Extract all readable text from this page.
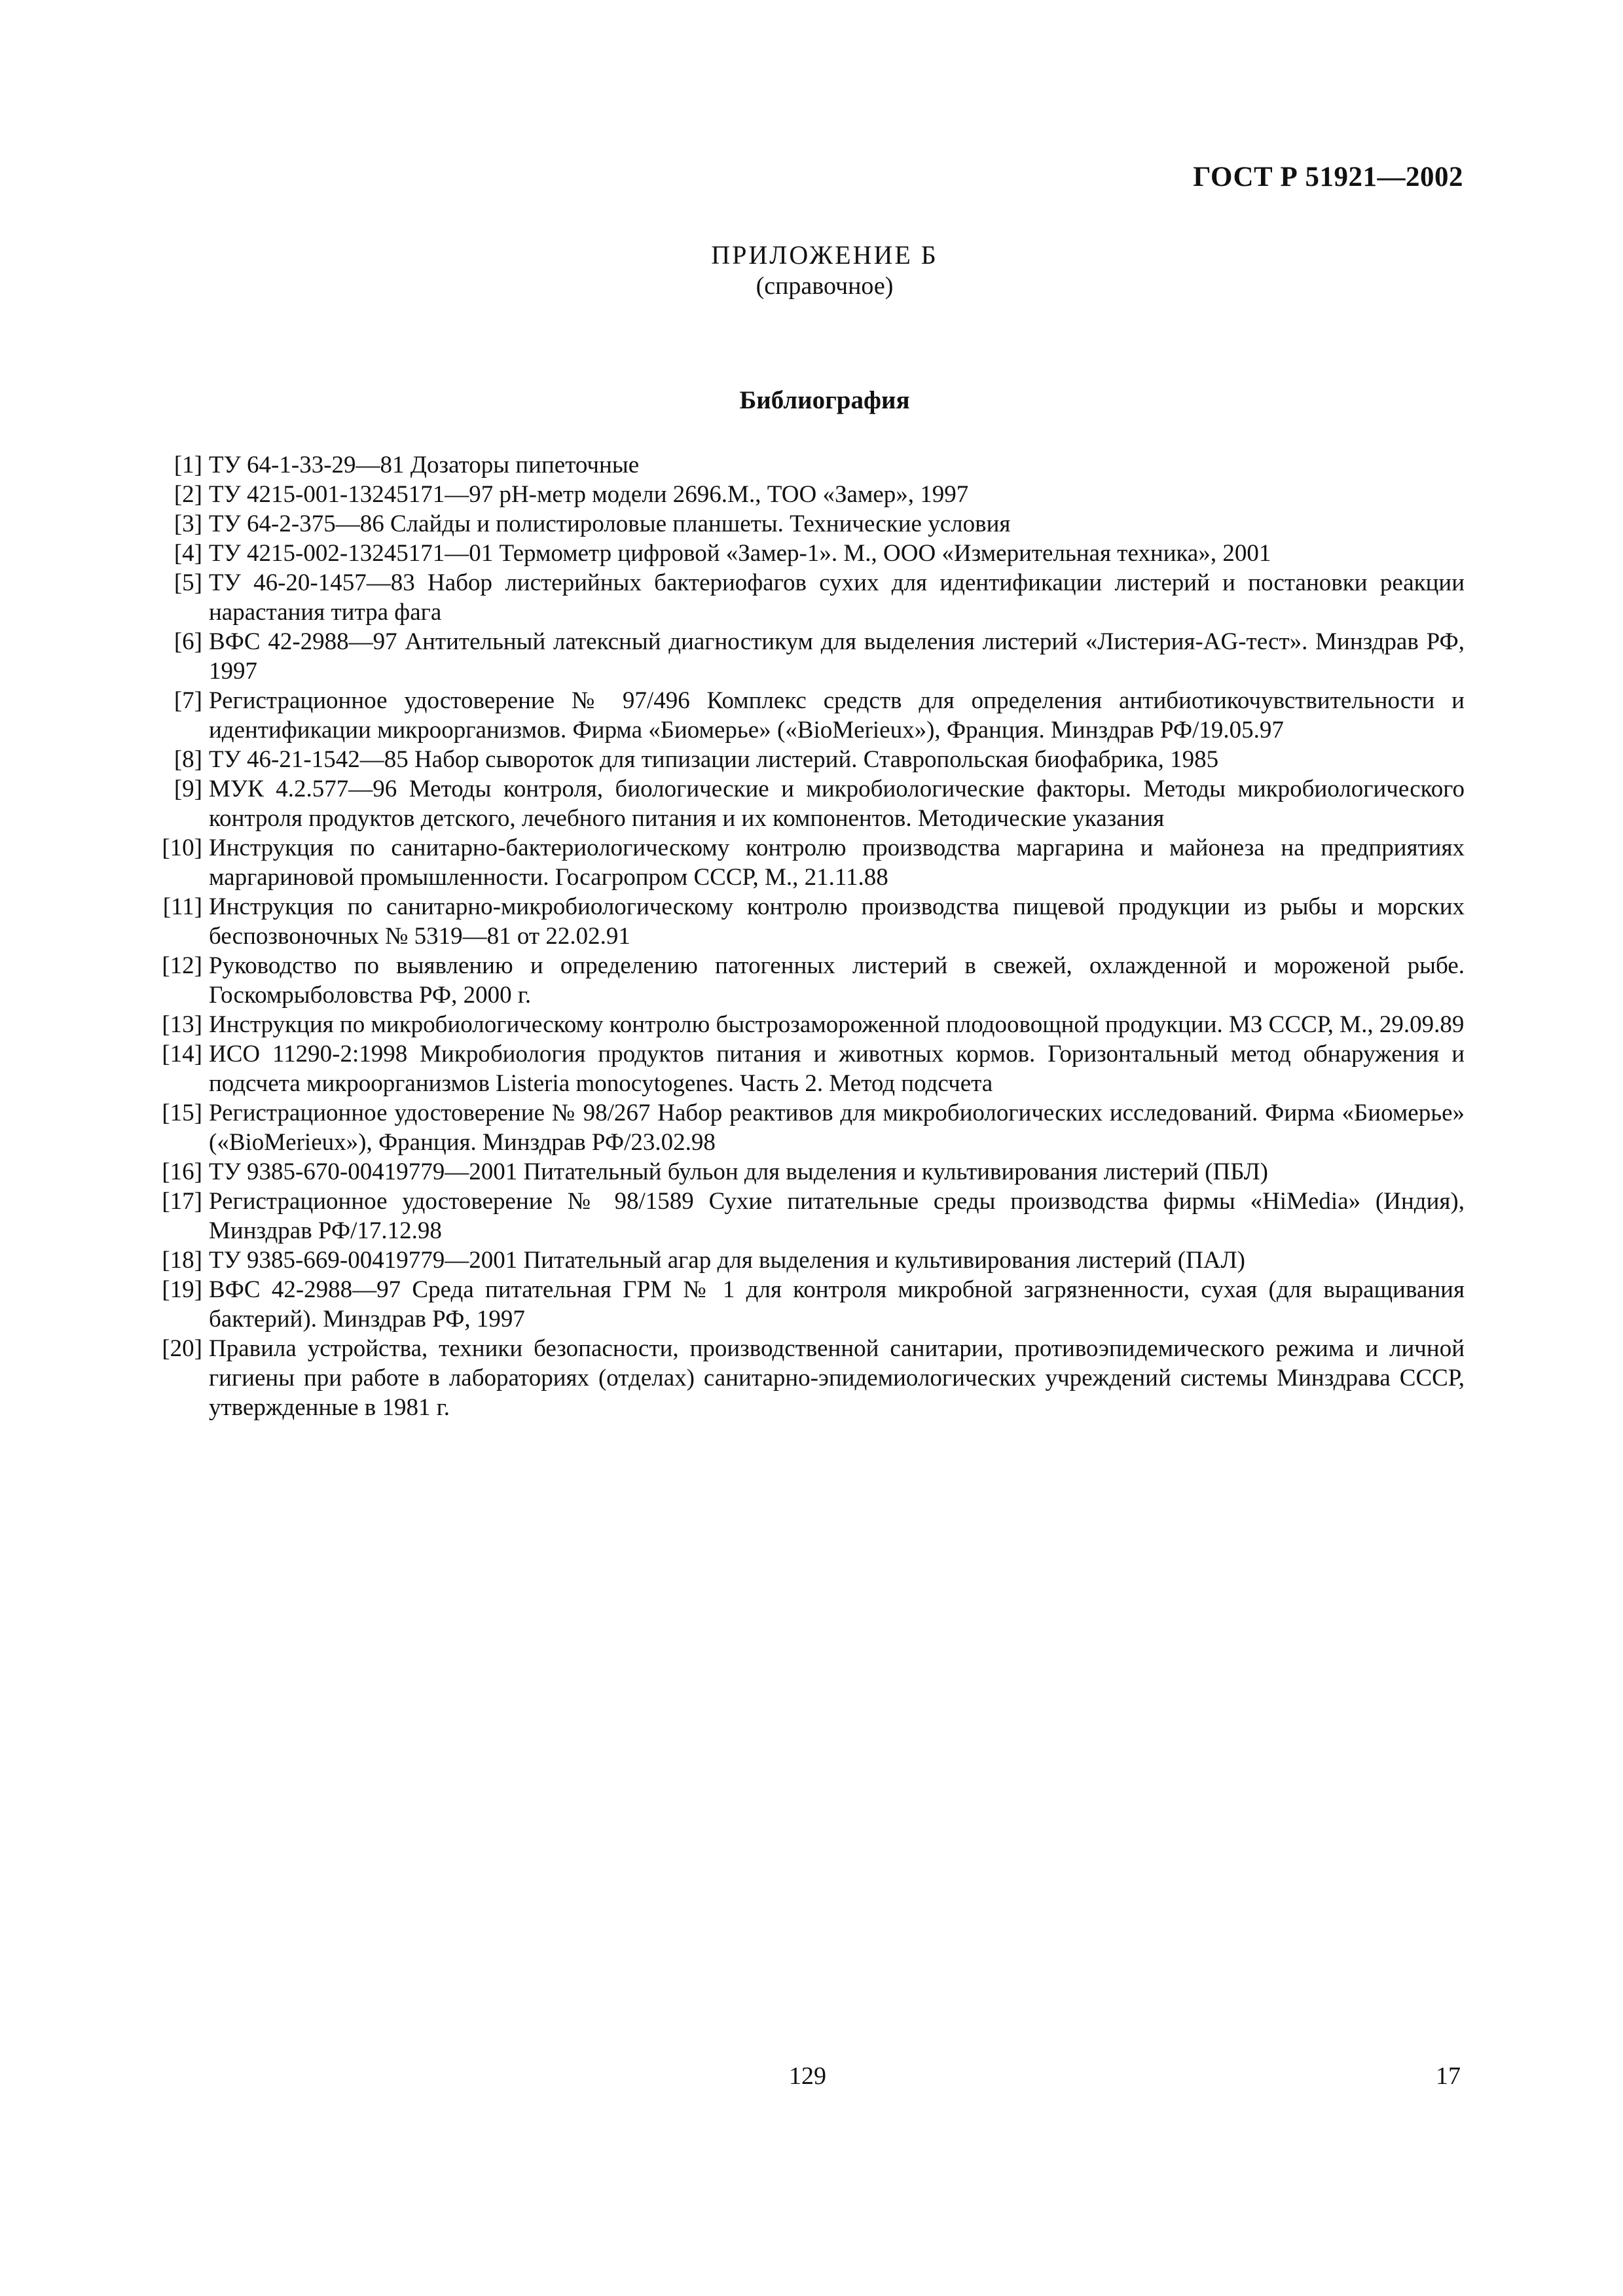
ГОСТ Р 51921—2002
ПРИЛОЖЕНИЕ Б
(справочное)
Библиография
[1] ТУ 64-1-33-29—81 Дозаторы пипеточные
[2] ТУ 4215-001-13245171—97 рН-метр модели 2696.М., ТОО «Замер», 1997
[3] ТУ 64-2-375—86 Слайды и полистироловые планшеты. Технические условия
[4] ТУ 4215-002-13245171—01 Термометр цифровой «Замер-1». М., ООО «Измерительная техника», 2001
[5] ТУ 46-20-1457—83 Набор листерийных бактериофагов сухих для идентификации листерий и постановки реакции нарастания титра фага
[6] ВФС 42-2988—97 Антительный латексный диагностикум для выделения листерий «Листерия-AG-тест». Минздрав РФ, 1997
[7] Регистрационное удостоверение № 97/496 Комплекс средств для определения антибиотикочувствительности и идентификации микроорганизмов. Фирма «Биомерье» («BioMerieux»), Франция. Минздрав РФ/19.05.97
[8] ТУ 46-21-1542—85 Набор сывороток для типизации листерий. Ставропольская биофабрика, 1985
[9] МУК 4.2.577—96 Методы контроля, биологические и микробиологические факторы. Методы микробиологического контроля продуктов детского, лечебного питания и их компонентов. Методические указания
[10] Инструкция по санитарно-бактериологическому контролю производства маргарина и майонеза на предприятиях маргариновой промышленности. Госагропром СССР, М., 21.11.88
[11] Инструкция по санитарно-микробиологическому контролю производства пищевой продукции из рыбы и морских беспозвоночных № 5319—81 от 22.02.91
[12] Руководство по выявлению и определению патогенных листерий в свежей, охлажденной и мороженой рыбе. Госкомрыболовства РФ, 2000 г.
[13] Инструкция по микробиологическому контролю быстрозамороженной плодоовощной продукции. МЗ СССР, М., 29.09.89
[14] ИСО 11290-2:1998 Микробиология продуктов питания и животных кормов. Горизонтальный метод обнаружения и подсчета микроорганизмов Listeria monocytogenes. Часть 2. Метод подсчета
[15] Регистрационное удостоверение № 98/267 Набор реактивов для микробиологических исследований. Фирма «Биомерье» («BioMerieux»), Франция. Минздрав РФ/23.02.98
[16] ТУ 9385-670-00419779—2001 Питательный бульон для выделения и культивирования листерий (ПБЛ)
[17] Регистрационное удостоверение № 98/1589 Сухие питательные среды производства фирмы «HiMedia» (Индия), Минздрав РФ/17.12.98
[18] ТУ 9385-669-00419779—2001 Питательный агар для выделения и культивирования листерий (ПАЛ)
[19] ВФС 42-2988—97 Среда питательная ГРМ № 1 для контроля микробной загрязненности, сухая (для выращивания бактерий). Минздрав РФ, 1997
[20] Правила устройства, техники безопасности, производственной санитарии, противоэпидемического режима и личной гигиены при работе в лабораториях (отделах) санитарно-эпидемиологических учреждений системы Минздрава СССР, утвержденные в 1981 г.
129	17
